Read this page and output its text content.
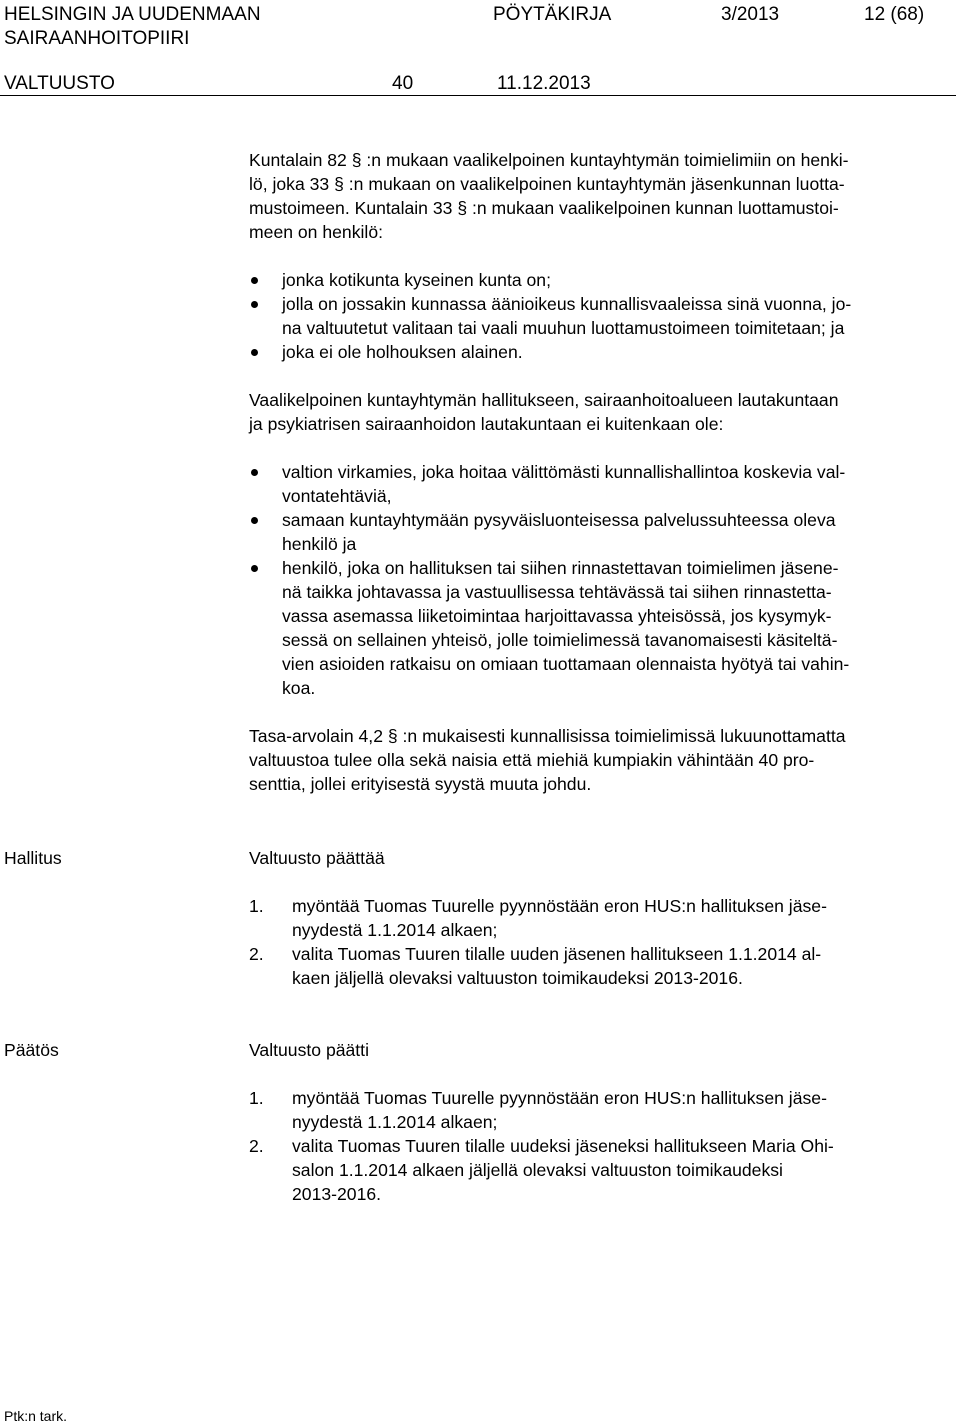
HELSINGIN JA UUDENMAAN
SAIRAANHOITOPIIRI
PÖYTÄKIRJA	3/2013	12 (68)
VALTUUSTO	40	11.12.2013

Kuntalain 82 § :n mukaan vaalikelpoinen kuntayhtymän toimielimiin on henki-
lö, joka 33 § :n mukaan on vaalikelpoinen kuntayhtymän jäsenkunnan luotta-
mustoimeen. Kuntalain 33 § :n mukaan vaalikelpoinen kunnan luottamustoi-
meen on henkilö:

jonka kotikunta kyseinen kunta on;
jolla on jossakin kunnassa äänioikeus kunnallisvaaleissa sinä vuonna, jo-
na valtuutetut valitaan tai vaali muuhun luottamustoimeen toimitetaan; ja
joka ei ole holhouksen alainen.

Vaalikelpoinen kuntayhtymän hallitukseen, sairaanhoitoalueen lautakuntaan
ja psykiatrisen sairaanhoidon lautakuntaan ei kuitenkaan ole:

valtion virkamies, joka hoitaa välittömästi kunnallishallintoa koskevia val-
vontatehtäviä,
samaan kuntayhtymään pysyväisluonteisessa palvelussuhteessa oleva
henkilö ja
henkilö, joka on hallituksen tai siihen rinnastettavan toimielimen jäsene-
nä taikka johtavassa ja vastuullisessa tehtävässä tai siihen rinnastetta-
vassa asemassa liiketoimintaa harjoittavassa yhteisössä, jos kysymyk-
sessä on sellainen yhteisö, jolle toimielimessä tavanomaisesti käsiteltä-
vien asioiden ratkaisu on omiaan tuottamaan olennaista hyötyä tai vahin-
koa.

Tasa-arvolain 4,2 § :n mukaisesti kunnallisissa toimielimissä lukuunottamatta
valtuustoa tulee olla sekä naisia että miehiä kumpiakin vähintään 40 pro-
senttia, jollei erityisestä syystä muuta johdu.

Hallitus	Valtuusto päättää
1. myöntää Tuomas Tuurelle pyynnöstään eron HUS:n hallituksen jäse-
nyydestä 1.1.2014 alkaen;
2. valita Tuomas Tuuren tilalle uuden jäsenen hallitukseen 1.1.2014 al-
kaen jäljellä olevaksi valtuuston toimikaudeksi 2013-2016.
Päätös	Valtuusto päätti
1. myöntää Tuomas Tuurelle pyynnöstään eron HUS:n hallituksen jäse-
nyydestä 1.1.2014 alkaen;
2. valita Tuomas Tuuren tilalle uudeksi jäseneksi hallitukseen Maria Ohi-
salon 1.1.2014 alkaen jäljellä olevaksi valtuuston toimikaudeksi
2013-2016.
Ptk:n tark.
